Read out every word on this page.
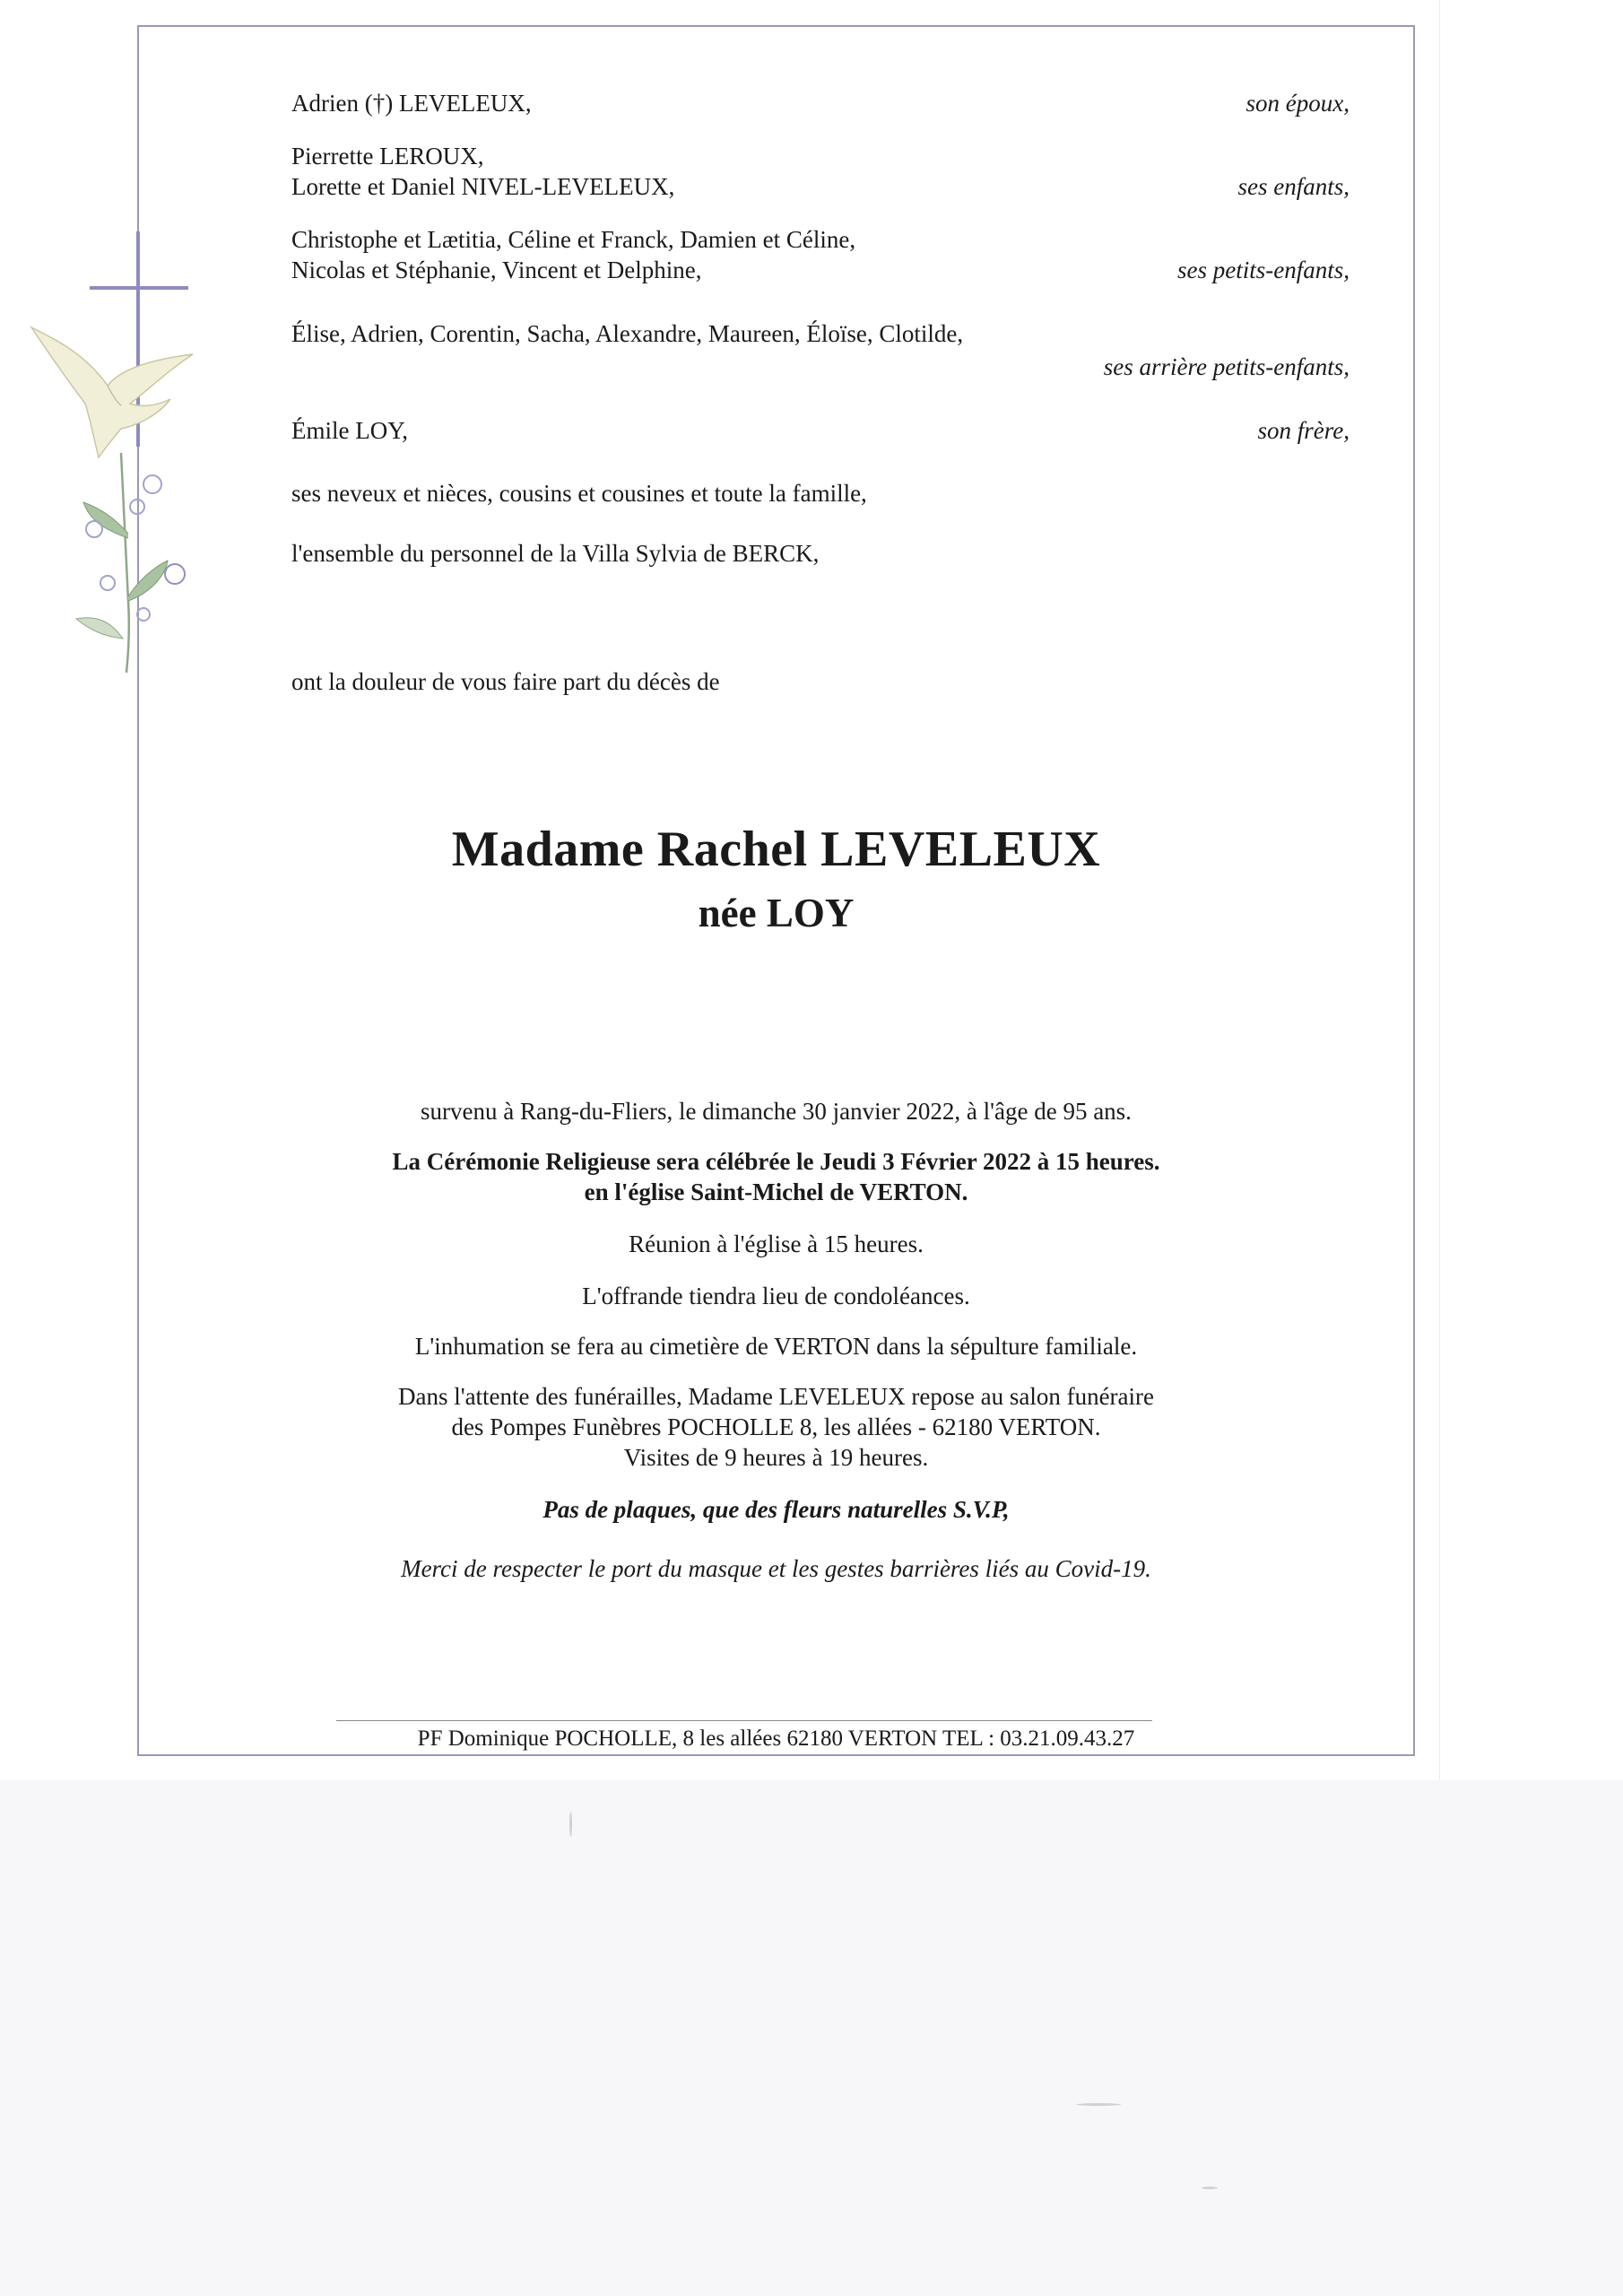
Adrien (†) LEVELEUX,	son époux,
Pierrette LEROUX,
Lorette et Daniel NIVEL-LEVELEUX,	ses enfants,
Christophe et Lætitia, Céline et Franck, Damien et Céline,
Nicolas et Stéphanie, Vincent et Delphine,	ses petits-enfants,
Élise, Adrien, Corentin, Sacha, Alexandre, Maureen, Éloïse, Clotilde,
ses arrière petits-enfants,
Émile LOY,	son frère,
ses neveux et nièces, cousins et cousines et toute la famille,
l'ensemble du personnel de la Villa Sylvia de BERCK,
ont la douleur de vous faire part du décès de
Madame Rachel LEVELEUX
née LOY
survenu à Rang-du-Fliers, le dimanche 30 janvier 2022, à l'âge de 95 ans.
La Cérémonie Religieuse sera célébrée le Jeudi 3 Février 2022 à 15 heures.
en l'église Saint-Michel de VERTON.
Réunion à l'église à 15 heures.
L'offrande tiendra lieu de condoléances.
L'inhumation se fera au cimetière de VERTON dans la sépulture familiale.
Dans l'attente des funérailles, Madame LEVELEUX repose au salon funéraire
des Pompes Funèbres POCHOLLE 8, les allées - 62180 VERTON.
Visites de 9 heures à 19 heures.
Pas de plaques, que des fleurs naturelles S.V.P,
Merci de respecter le port du masque et les gestes barrières liés au Covid-19.
PF Dominique POCHOLLE, 8 les allées 62180 VERTON TEL : 03.21.09.43.27
